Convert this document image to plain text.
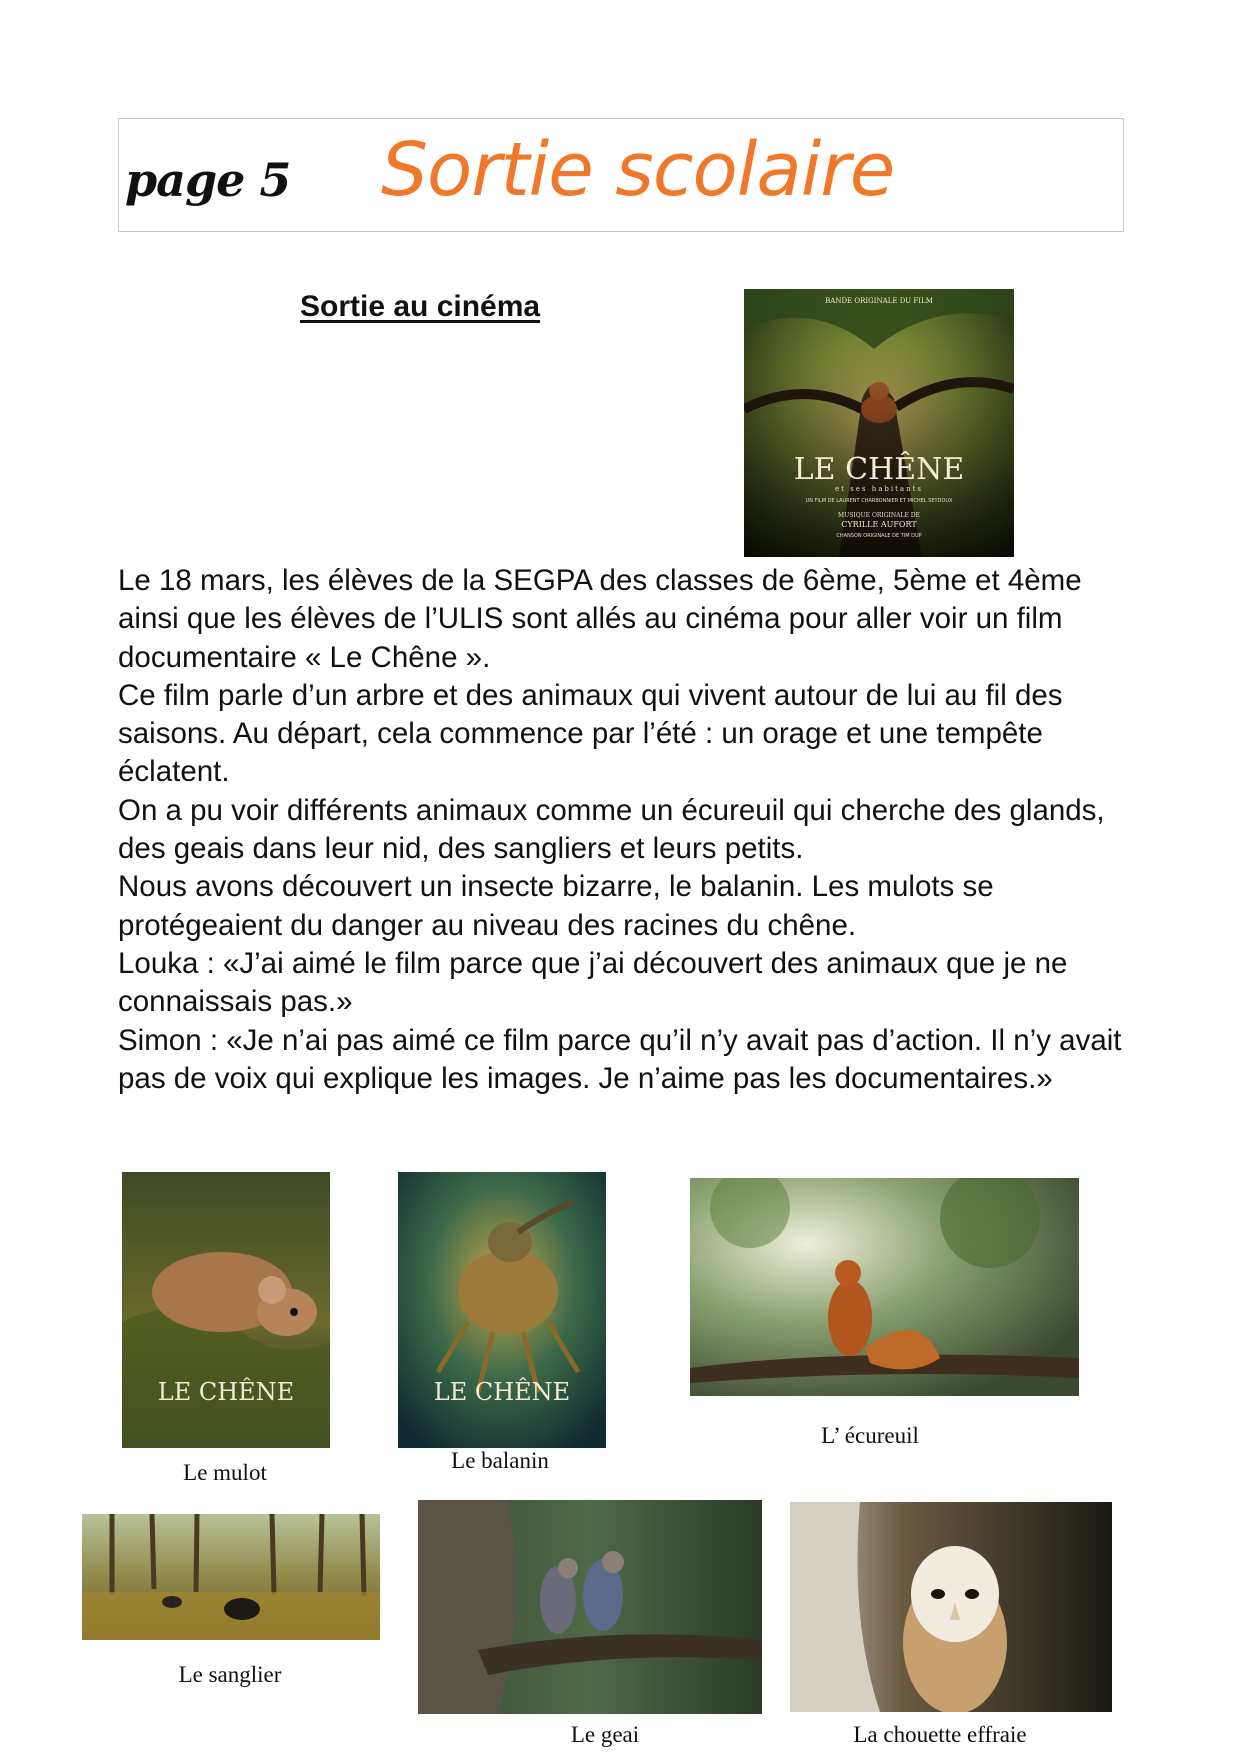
page 5 Sortie scolaire
Sortie au cinéma	BANDE ORIGINALE DU FILM
LE CHÊNE
et ses habitants
UN FILM DE LAURENT CHARBONNIER ET MICHEL SEYDOUX
MUSIQUE ORIGINALE DE
CYRILLE AUFORT
CHANSON ORIGINALE DE TIM DUP

Le 18 mars, les élèves de la SEGPA des classes de 6ème, 5ème et 4ème ainsi que les élèves de l’ULIS sont allés au cinéma pour aller voir un film documentaire « Le Chêne ».

Ce film parle d’un arbre et des animaux qui vivent autour de lui au fil des saisons. Au départ, cela commence par l’été : un orage et une tempête éclatent.

On a pu voir différents animaux comme un écureuil qui cherche des glands, des geais dans leur nid, des sangliers et leurs petits.

Nous avons découvert un insecte bizarre, le balanin. Les mulots se protégeaient du danger au niveau des racines du chêne.

Louka : «J’ai aimé le film parce que j’ai découvert des animaux que je ne connaissais pas.»

Simon : «Je n’ai pas aimé ce film parce qu’il n’y avait pas d’action. Il n’y avait pas de voix qui explique les images. Je n’aime pas les documentaires.»

LE CHÊNE
Le mulot
LE CHÊNE
Le balanin
L’ écureuil
Le sanglier
Le geai	La chouette effraie
